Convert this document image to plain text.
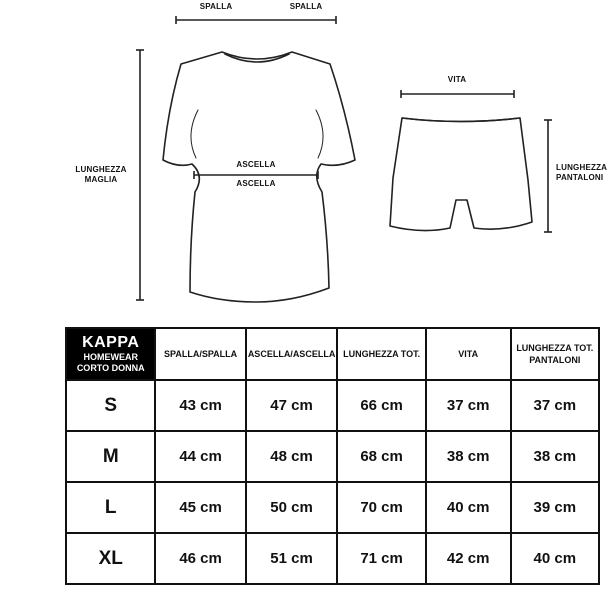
SPALLA	SPALLA
ASCELLA
ASCELLA
LUNGHEZZA MAGLIA
VITA
LUNGHEZZA PANTALONI
KAPPA
HOMEWEAR
CORTO DONNA	SPALLA/SPALLA	ASCELLA/ASCELLA	LUNGHEZZA TOT.	VITA	LUNGHEZZA TOT. PANTALONI
S	43 cm	47 cm	66 cm	37 cm	37 cm
M	44 cm	48 cm	68 cm	38 cm	38 cm
L	45 cm	50 cm	70 cm	40 cm	39 cm
XL	46 cm	51 cm	71 cm	42 cm	40 cm
